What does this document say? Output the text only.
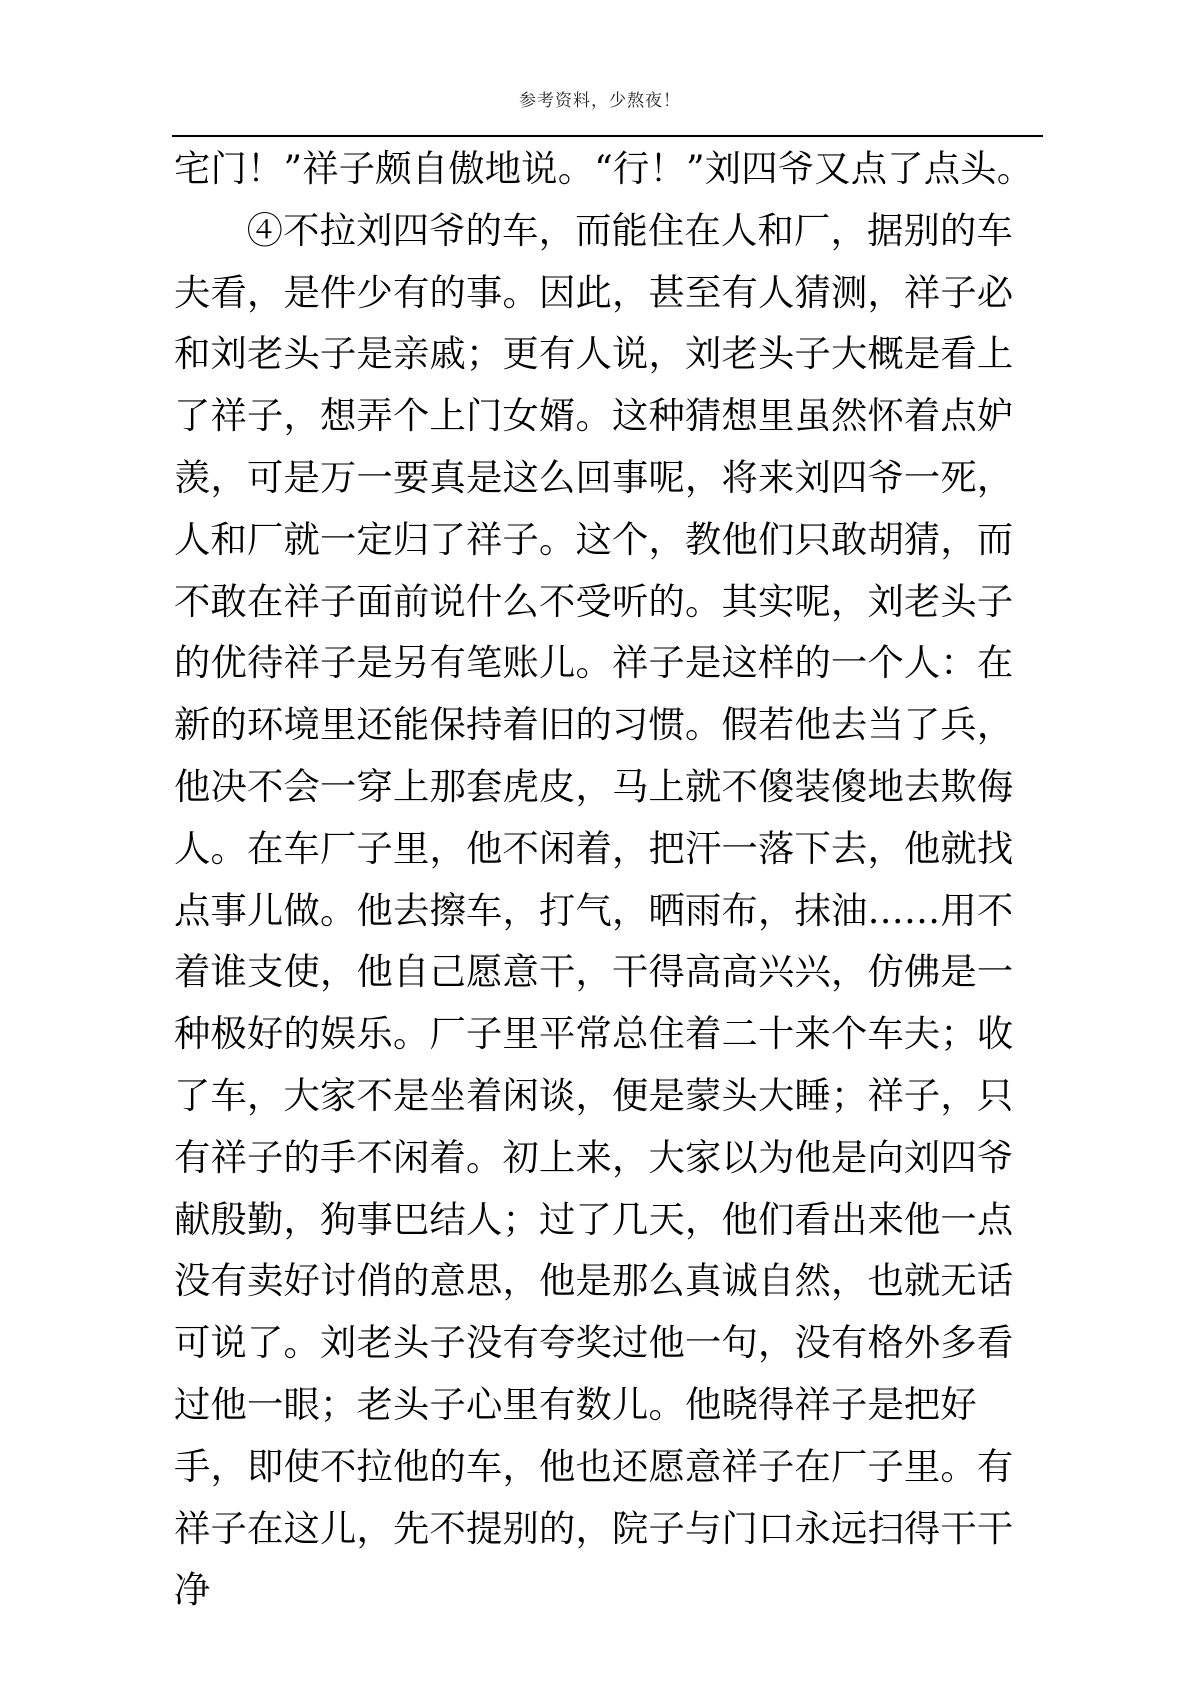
参考资料，少熬夜！

宅门！”祥子颇自傲地说。“行！”刘四爷又点了点头。

④不拉刘四爷的车，而能住在人和厂，据别的车夫看，是件少有的事。因此，甚至有人猜测，祥子必和刘老头子是亲戚；更有人说，刘老头子大概是看上了祥子，想弄个上门女婿。这种猜想里虽然怀着点妒羡，可是万一要真是这么回事呢，将来刘四爷一死，人和厂就一定归了祥子。这个，教他们只敢胡猜，而不敢在祥子面前说什么不受听的。其实呢，刘老头子的优待祥子是另有笔账儿。祥子是这样的一个人：在新的环境里还能保持着旧的习惯。假若他去当了兵，他决不会一穿上那套虎皮，马上就不傻装傻地去欺侮人。在车厂子里，他不闲着，把汗一落下去，他就找点事儿做。他去擦车，打气，晒雨布，抹油……用不着谁支使，他自己愿意干，干得高高兴兴，仿佛是一种极好的娱乐。厂子里平常总住着二十来个车夫；收了车，大家不是坐着闲谈，便是蒙头大睡；祥子，只有祥子的手不闲着。初上来，大家以为他是向刘四爷献殷勤，狗事巴结人；过了几天，他们看出来他一点没有卖好讨俏的意思，他是那么真诚自然，也就无话可说了。刘老头子没有夸奖过他一句，没有格外多看过他一眼；老头子心里有数儿。他晓得祥子是把好手，即使不拉他的车，他也还愿意祥子在厂子里。有祥子在这儿，先不提别的，院子与门口永远扫得干干净
